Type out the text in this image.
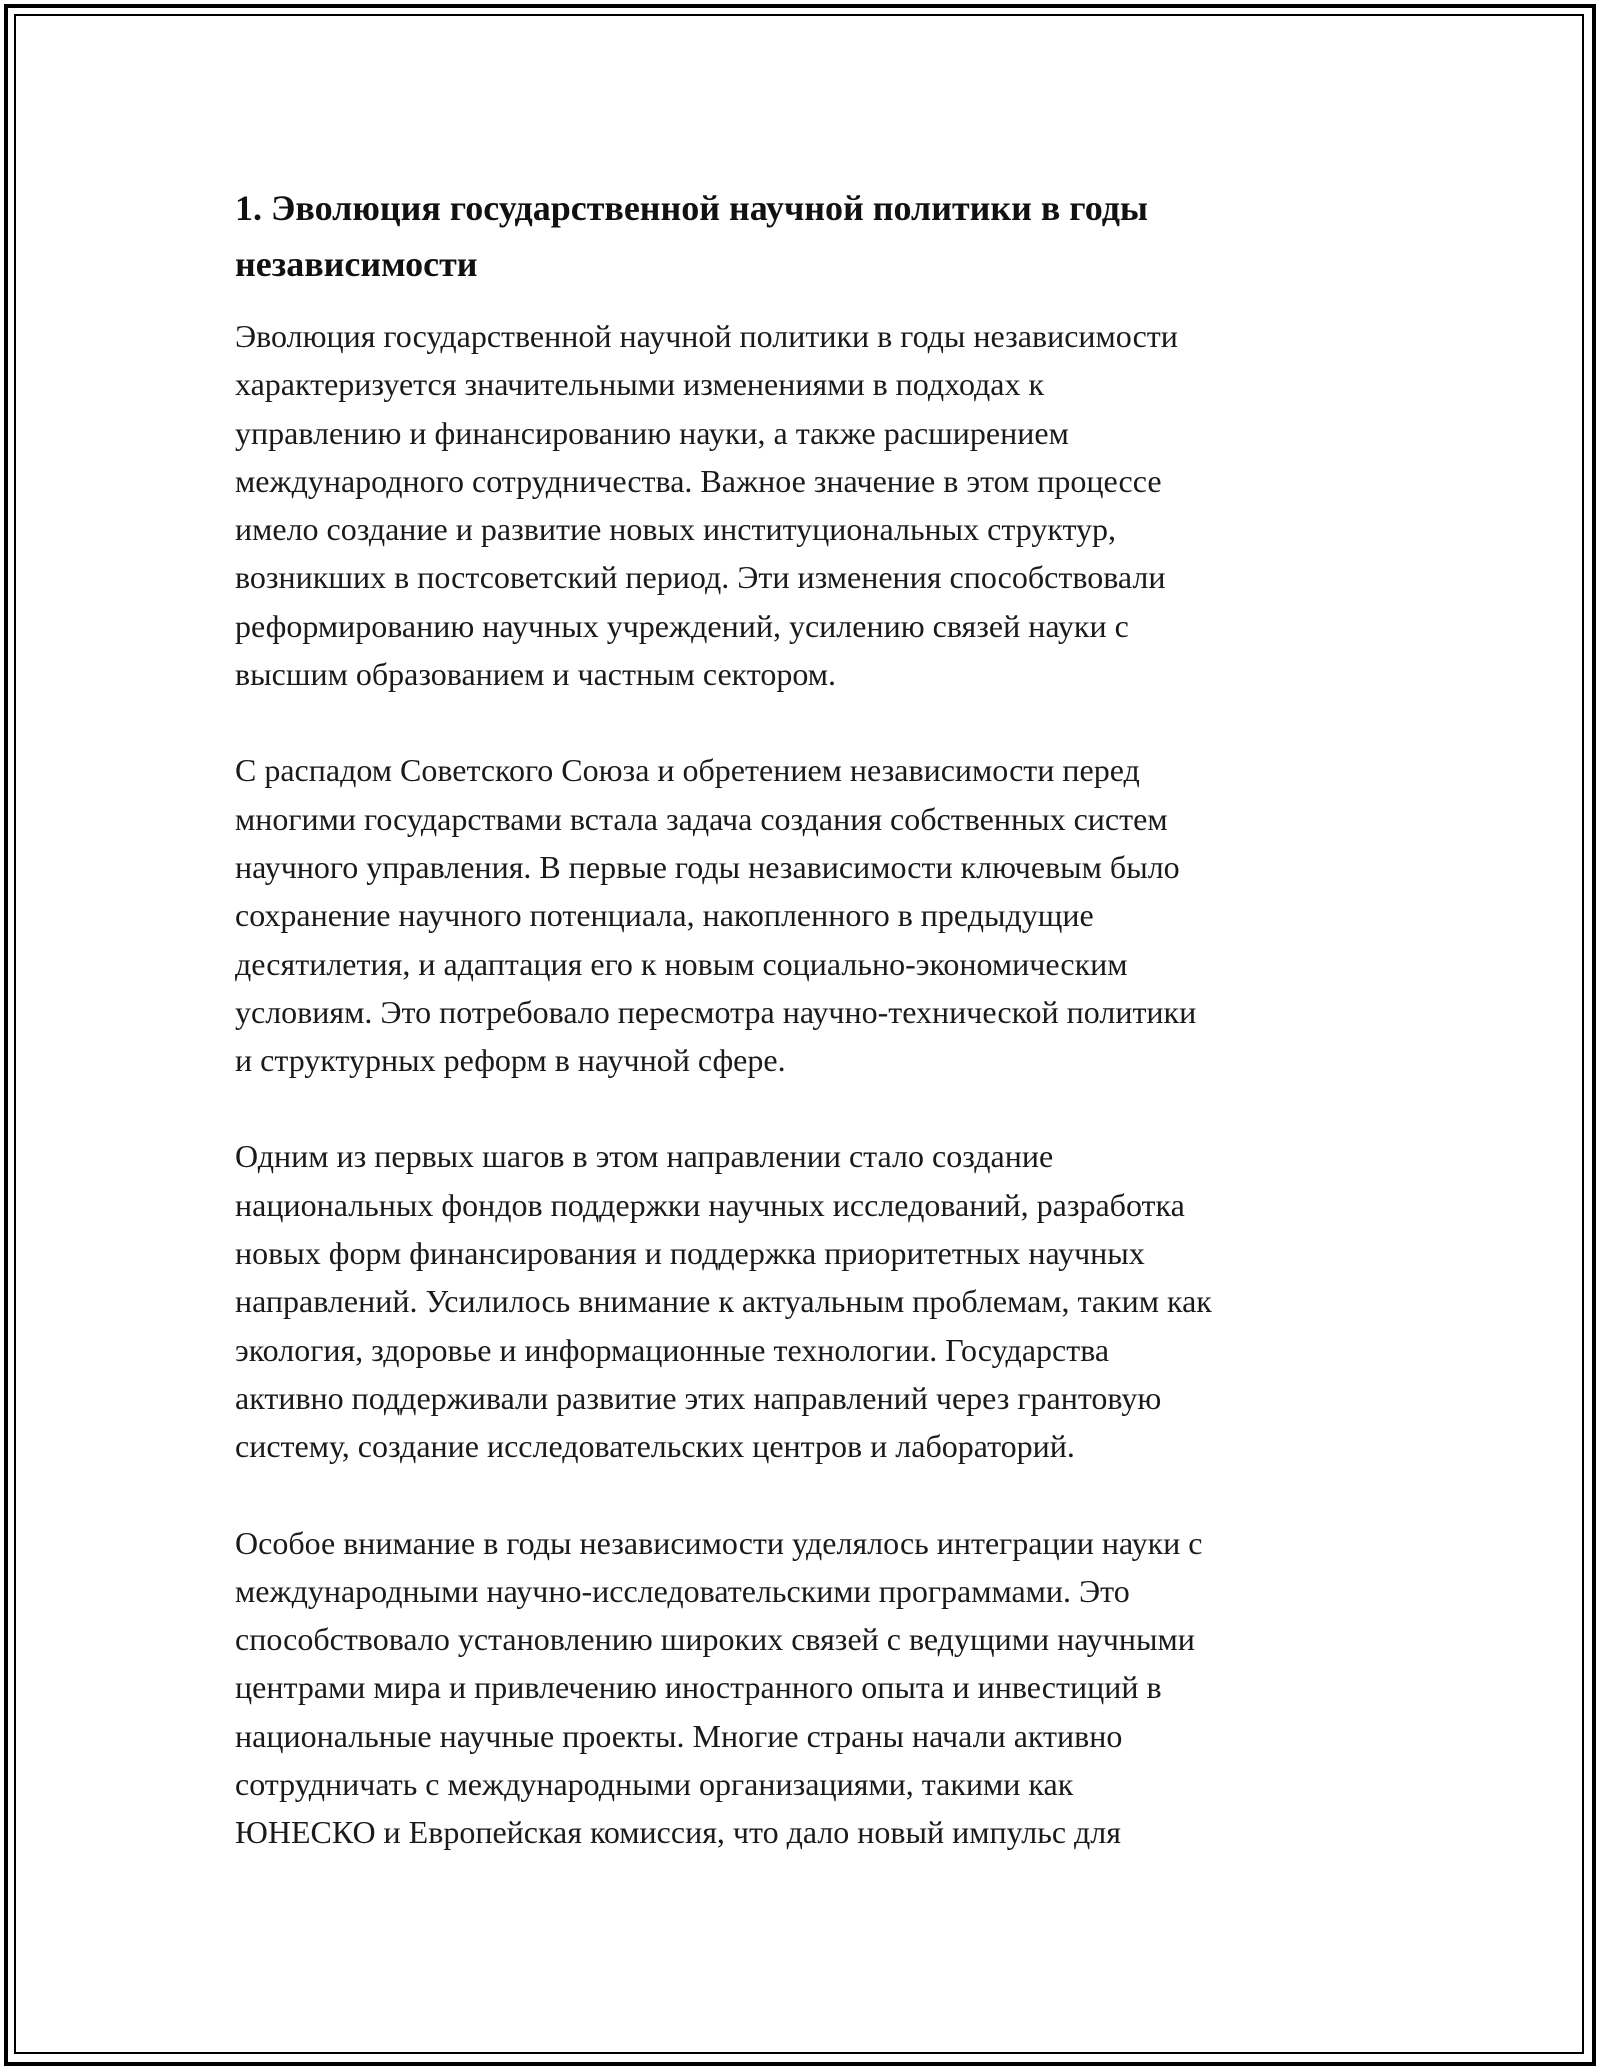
1. Эволюция государственной научной политики в годы
независимости

Эволюция государственной научной политики в годы независимости
характеризуется значительными изменениями в подходах к
управлению и финансированию науки, а также расширением
международного сотрудничества. Важное значение в этом процессе
имело создание и развитие новых институциональных структур,
возникших в постсоветский период. Эти изменения способствовали
реформированию научных учреждений, усилению связей науки с
высшим образованием и частным сектором.

С распадом Советского Союза и обретением независимости перед
многими государствами встала задача создания собственных систем
научного управления. В первые годы независимости ключевым было
сохранение научного потенциала, накопленного в предыдущие
десятилетия, и адаптация его к новым социально-экономическим
условиям. Это потребовало пересмотра научно-технической политики
и структурных реформ в научной сфере.

Одним из первых шагов в этом направлении стало создание
национальных фондов поддержки научных исследований, разработка
новых форм финансирования и поддержка приоритетных научных
направлений. Усилилось внимание к актуальным проблемам, таким как
экология, здоровье и информационные технологии. Государства
активно поддерживали развитие этих направлений через грантовую
систему, создание исследовательских центров и лабораторий.

Особое внимание в годы независимости уделялось интеграции науки с
международными научно-исследовательскими программами. Это
способствовало установлению широких связей с ведущими научными
центрами мира и привлечению иностранного опыта и инвестиций в
национальные научные проекты. Многие страны начали активно
сотрудничать с международными организациями, такими как
ЮНЕСКО и Европейская комиссия, что дало новый импульс для
